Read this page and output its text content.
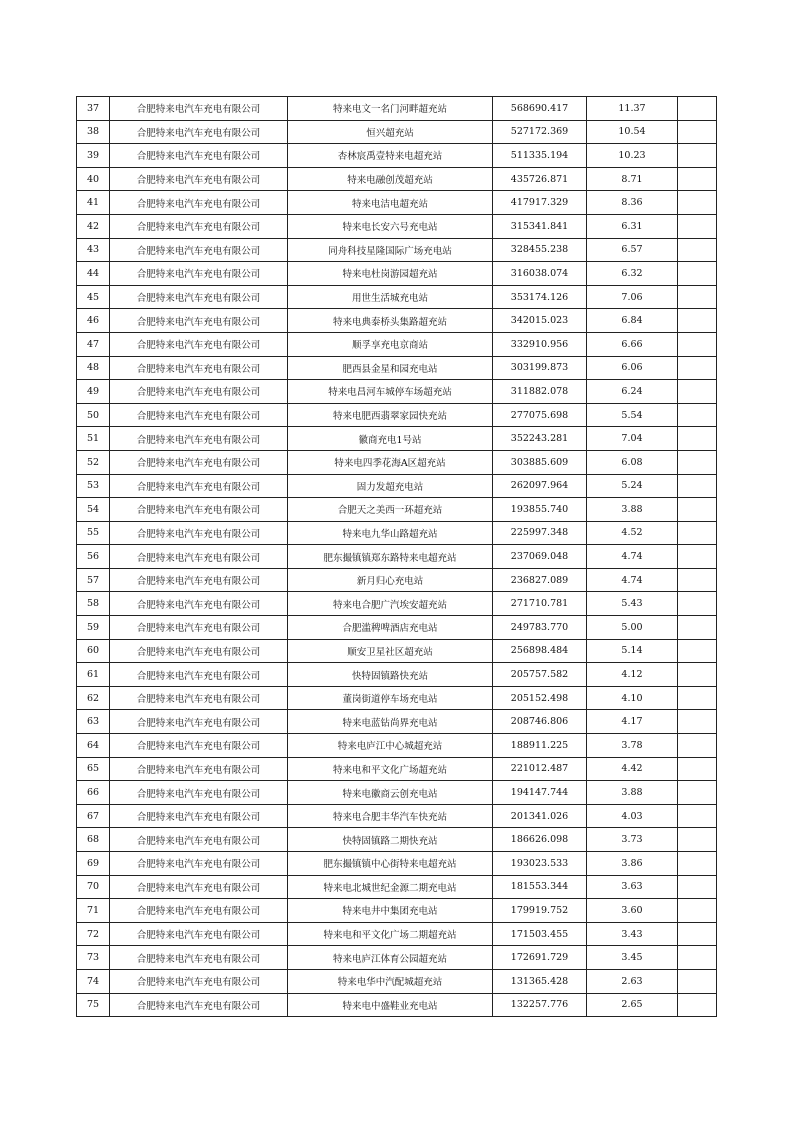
37	合肥特来电汽车充电有限公司	特来电文一名门河畔超充站	568690.417	11.37	
38	合肥特来电汽车充电有限公司	恒兴超充站	527172.369	10.54	
39	合肥特来电汽车充电有限公司	杏林宸禹壹特来电超充站	511335.194	10.23	
40	合肥特来电汽车充电有限公司	特来电融创茂超充站	435726.871	8.71	
41	合肥特来电汽车充电有限公司	特来电洁电超充站	417917.329	8.36	
42	合肥特来电汽车充电有限公司	特来电长安六号充电站	315341.841	6.31	
43	合肥特来电汽车充电有限公司	同舟科技星隆国际广场充电站	328455.238	6.57	
44	合肥特来电汽车充电有限公司	特来电杜岗游园超充站	316038.074	6.32	
45	合肥特来电汽车充电有限公司	用世生活城充电站	353174.126	7.06	
46	合肥特来电汽车充电有限公司	特来电典泰桥头集路超充站	342015.023	6.84	
47	合肥特来电汽车充电有限公司	顺孚享充电京商站	332910.956	6.66	
48	合肥特来电汽车充电有限公司	肥西县金星和园充电站	303199.873	6.06	
49	合肥特来电汽车充电有限公司	特来电昌河车城停车场超充站	311882.078	6.24	
50	合肥特来电汽车充电有限公司	特来电肥西翡翠家园快充站	277075.698	5.54	
51	合肥特来电汽车充电有限公司	徽商充电1号站	352243.281	7.04	
52	合肥特来电汽车充电有限公司	特来电四季花海A区超充站	303885.609	6.08	
53	合肥特来电汽车充电有限公司	固力发超充电站	262097.964	5.24	
54	合肥特来电汽车充电有限公司	合肥天之美西一环超充站	193855.740	3.88	
55	合肥特来电汽车充电有限公司	特来电九华山路超充站	225997.348	4.52	
56	合肥特来电汽车充电有限公司	肥东撮镇镇郑东路特来电超充站	237069.048	4.74	
57	合肥特来电汽车充电有限公司	新月归心充电站	236827.089	4.74	
58	合肥特来电汽车充电有限公司	特来电合肥广汽埃安超充站	271710.781	5.43	
59	合肥特来电汽车充电有限公司	合肥滥稗啤酒店充电站	249783.770	5.00	
60	合肥特来电汽车充电有限公司	顺安卫星社区超充站	256898.484	5.14	
61	合肥特来电汽车充电有限公司	快特固镇路快充站	205757.582	4.12	
62	合肥特来电汽车充电有限公司	董岗街道停车场充电站	205152.498	4.10	
63	合肥特来电汽车充电有限公司	特来电蓝钻尚界充电站	208746.806	4.17	
64	合肥特来电汽车充电有限公司	特来电庐江中心城超充站	188911.225	3.78	
65	合肥特来电汽车充电有限公司	特来电和平文化广场超充站	221012.487	4.42	
66	合肥特来电汽车充电有限公司	特来电徽商云创充电站	194147.744	3.88	
67	合肥特来电汽车充电有限公司	特来电合肥丰华汽车快充站	201341.026	4.03	
68	合肥特来电汽车充电有限公司	快特固镇路二期快充站	186626.098	3.73	
69	合肥特来电汽车充电有限公司	肥东撮镇镇中心街特来电超充站	193023.533	3.86	
70	合肥特来电汽车充电有限公司	特来电北城世纪金源二期充电站	181553.344	3.63	
71	合肥特来电汽车充电有限公司	特来电井中集团充电站	179919.752	3.60	
72	合肥特来电汽车充电有限公司	特来电和平文化广场二期超充站	171503.455	3.43	
73	合肥特来电汽车充电有限公司	特来电庐江体育公园超充站	172691.729	3.45	
74	合肥特来电汽车充电有限公司	特来电华中汽配城超充站	131365.428	2.63	
75	合肥特来电汽车充电有限公司	特来电中盛鞋业充电站	132257.776	2.65	
